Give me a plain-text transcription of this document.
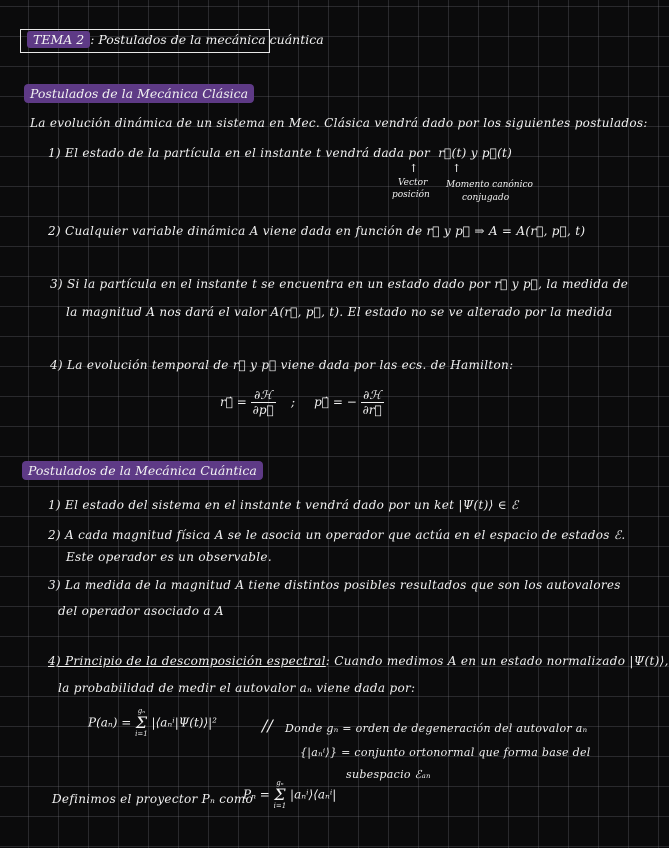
TEMA 2 : Postulados de la mecánica cuántica
Postulados de la Mecánica Clásica
La evolución dinámica de un sistema en Mec. Clásica vendrá dado por los siguientes postulados:
1) El estado de la partícula en el instante t vendrá dada por r⃗(t) y p⃗(t)
↑	↑
Vector
posición
Momento canónico
conjugado
2) Cualquier variable dinámica A viene dada en función de r⃗ y p⃗ ⇒ A = A(r⃗, p⃗, t)
3) Si la partícula en el instante t se encuentra en un estado dado por r⃗ y p⃗, la medida de
la magnitud A nos dará el valor A(r⃗, p⃗, t). El estado no se ve alterado por la medida
4) La evolución temporal de r⃗ y p⃗ viene dada por las ecs. de Hamilton:
r⃗̇ = $\frac{\text{∂ℋ}}{\partial p⃗}$ ; p⃗̇ = − $\frac{\text{∂ℋ}}{\partial r⃗}$
Postulados de la Mecánica Cuántica
1) El estado del sistema en el instante t vendrá dado por un ket |Ψ(t)⟩ ∈ ℰ
2) A cada magnitud física A se le asocia un operador que actúa en el espacio de estados ℰ.
Este operador es un observable.
3) La medida de la magnitud A tiene distintos posibles resultados que son los autovalores
del operador asociado a A
4) Principio de la descomposición espectral: Cuando medimos A en un estado normalizado |Ψ(t)⟩,
la probabilidad de medir el autovalor aₙ viene dada por:
P(aₙ) =
gₙ
Σ
i=1
|⟨aₙⁱ|Ψ(t)⟩|²	// Donde gₙ = orden de degeneración del autovalor aₙ
{|aₙⁱ⟩} = conjunto ortonormal que forma base del
subespacio ℰₐₙ
Definimos el proyector Pₙ como
Pₙ =
gₙ
Σ
i=1
|aₙⁱ⟩⟨aₙⁱ|
